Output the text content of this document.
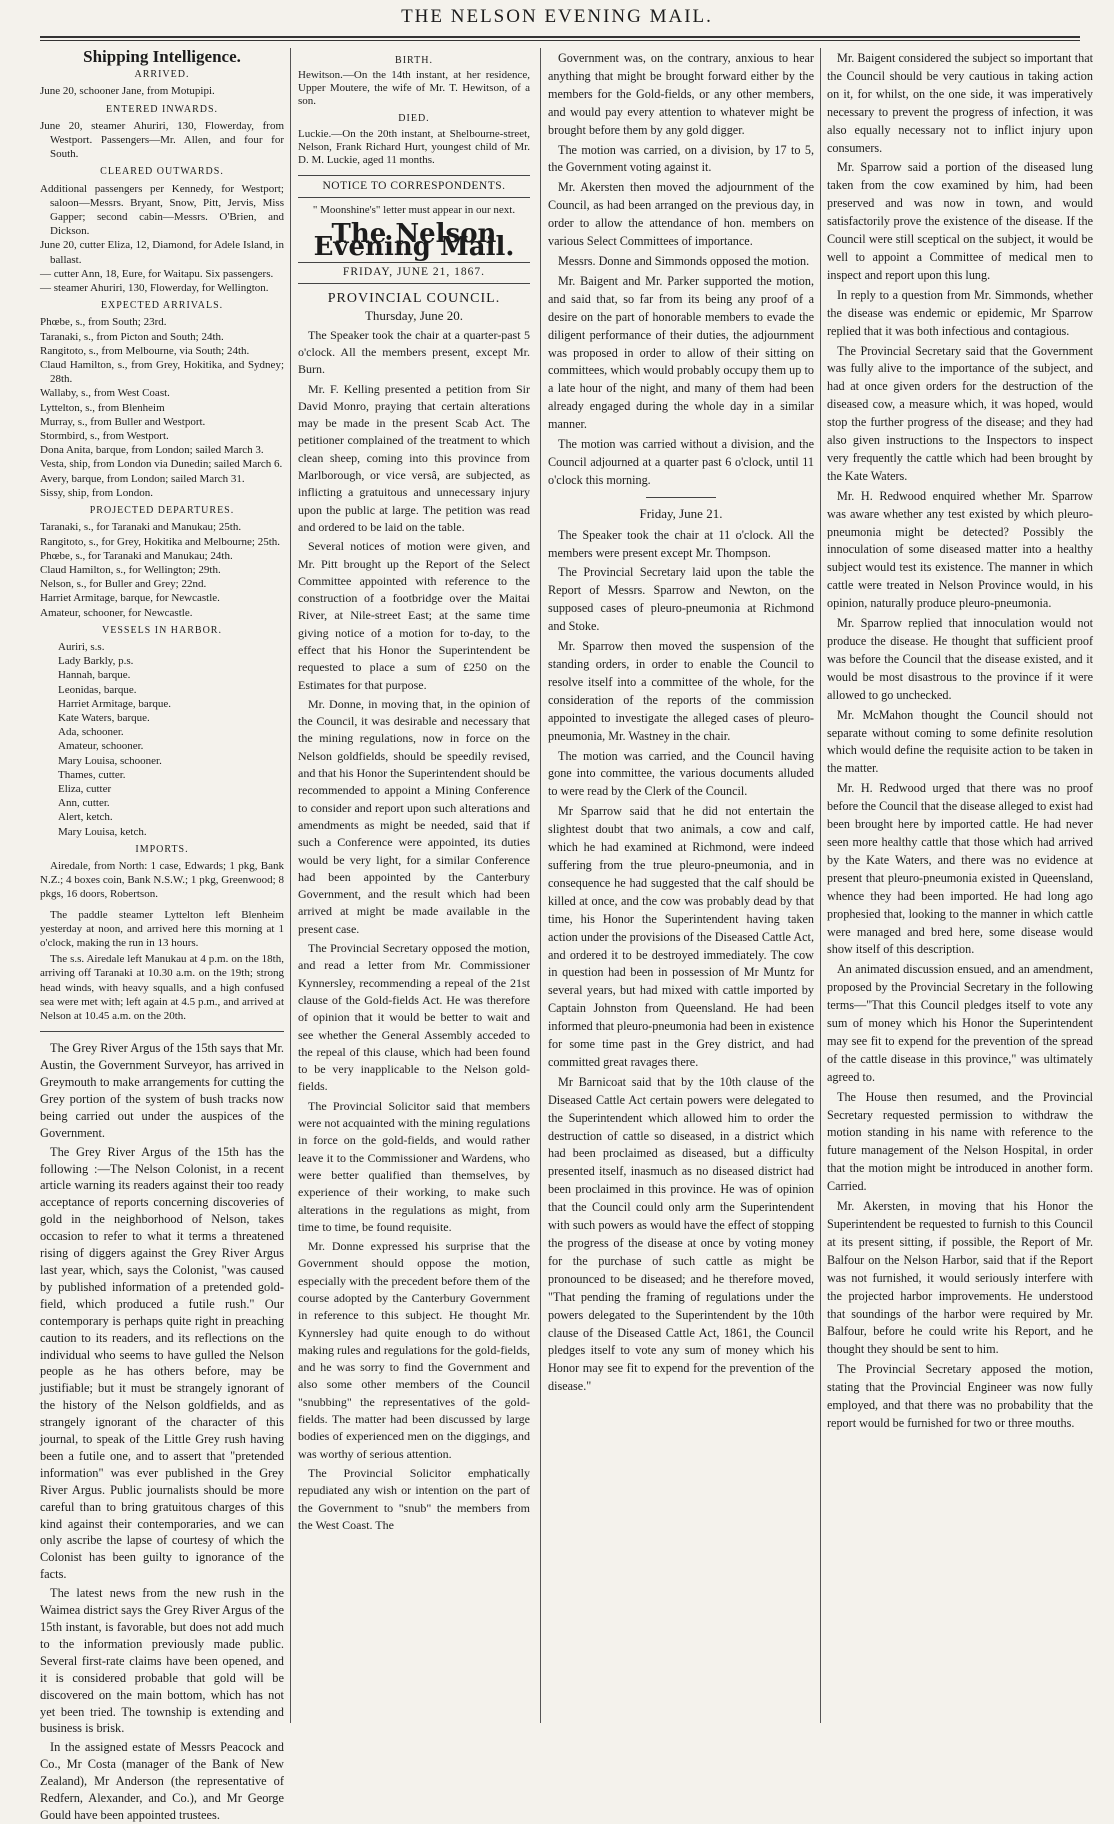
THE NELSON EVENING MAIL.
Shipping Intelligence.
ARRIVED.

June 20, schooner Jane, from Motupipi.

ENTERED INWARDS.

June 20, steamer Ahuriri, 130, Flowerday, from Westport. Passengers—Mr. Allen, and four for South.

CLEARED OUTWARDS.

Additional passengers per Kennedy, for Westport; saloon—Messrs. Bryant, Snow, Pitt, Jervis, Miss Gapper; second cabin—Messrs. O'Brien, and Dickson.

June 20, cutter Eliza, 12, Diamond, for Adele Island, in ballast.

— cutter Ann, 18, Eure, for Waitapu. Six passengers.

— steamer Ahuriri, 130, Flowerday, for Wellington.

EXPECTED ARRIVALS.

Phœbe, s., from South; 23rd.

Taranaki, s., from Picton and South; 24th.

Rangitoto, s., from Melbourne, via South; 24th.

Claud Hamilton, s., from Grey, Hokitika, and Sydney; 28th.

Wallaby, s., from West Coast.

Lyttelton, s., from Blenheim

Murray, s., from Buller and Westport.

Stormbird, s., from Westport.

Dona Anita, barque, from London; sailed March 3.

Vesta, ship, from London via Dunedin; sailed March 6.

Avery, barque, from London; sailed March 31.

Sissy, ship, from London.

PROJECTED DEPARTURES.

Taranaki, s., for Taranaki and Manukau; 25th.

Rangitoto, s., for Grey, Hokitika and Melbourne; 25th.

Phœbe, s., for Taranaki and Manukau; 24th.

Claud Hamilton, s., for Wellington; 29th.

Nelson, s., for Buller and Grey; 22nd.

Harriet Armitage, barque, for Newcastle.

Amateur, schooner, for Newcastle.

VESSELS IN HARBOR.

Auriri, s.s.

Lady Barkly, p.s.

Hannah, barque.

Leonidas, barque.

Harriet Armitage, barque.

Kate Waters, barque.

Ada, schooner.

Amateur, schooner.

Mary Louisa, schooner.

Thames, cutter.

Eliza, cutter

Ann, cutter.

Alert, ketch.

Mary Louisa, ketch.

IMPORTS.

Airedale, from North: 1 case, Edwards; 1 pkg, Bank N.Z.; 4 boxes coin, Bank N.S.W.; 1 pkg, Greenwood; 8 pkgs, 16 doors, Robertson.

The paddle steamer Lyttelton left Blenheim yesterday at noon, and arrived here this morning at 1 o'clock, making the run in 13 hours.

The s.s. Airedale left Manukau at 4 p.m. on the 18th, arriving off Taranaki at 10.30 a.m. on the 19th; strong head winds, with heavy squalls, and a high confused sea were met with; left again at 4.5 p.m., and arrived at Nelson at 10.45 a.m. on the 20th.

The Grey River Argus of the 15th says that Mr. Austin, the Government Surveyor, has arrived in Greymouth to make arrangements for cutting the Grey portion of the system of bush tracks now being carried out under the auspices of the Government.

The Grey River Argus of the 15th has the following :—The Nelson Colonist, in a recent article warning its readers against their too ready acceptance of reports concerning discoveries of gold in the neighborhood of Nelson, takes occasion to refer to what it terms a threatened rising of diggers against the Grey River Argus last year, which, says the Colonist, "was caused by published information of a pretended gold-field, which produced a futile rush." Our contemporary is perhaps quite right in preaching caution to its readers, and its reflections on the individual who seems to have gulled the Nelson people as he has others before, may be justifiable; but it must be strangely ignorant of the history of the Nelson goldfields, and as strangely ignorant of the character of this journal, to speak of the Little Grey rush having been a futile one, and to assert that "pretended information" was ever published in the Grey River Argus. Public journalists should be more careful than to bring gratuitous charges of this kind against their contemporaries, and we can only ascribe the lapse of courtesy of which the Colonist has been guilty to ignorance of the facts.

The latest news from the new rush in the Waimea district says the Grey River Argus of the 15th instant, is favorable, but does not add much to the information previously made public. Several first-rate claims have been opened, and it is considered probable that gold will be discovered on the main bottom, which has not yet been tried. The township is extending and business is brisk.

In the assigned estate of Messrs Peacock and Co., Mr Costa (manager of the Bank of New Zealand), Mr Anderson (the representative of Redfern, Alexander, and Co.), and Mr George Gould have been appointed trustees.

BIRTH.

Hewitson.—On the 14th instant, at her residence, Upper Moutere, the wife of Mr. T. Hewitson, of a son.

DIED.

Luckie.—On the 20th instant, at Shelbourne-street, Nelson, Frank Richard Hurt, youngest child of Mr. D. M. Luckie, aged 11 months.

NOTICE TO CORRESPONDENTS.
" Moonshine's" letter must appear in our next.
The Nelson Evening Mail.
FRIDAY, JUNE 21, 1867.
PROVINCIAL COUNCIL.
Thursday, June 20.

The Speaker took the chair at a quarter-past 5 o'clock. All the members present, except Mr. Burn.

Mr. F. Kelling presented a petition from Sir David Monro, praying that certain alterations may be made in the present Scab Act. The petitioner complained of the treatment to which clean sheep, coming into this province from Marlborough, or vice versâ, are subjected, as inflicting a gratuitous and unnecessary injury upon the public at large. The petition was read and ordered to be laid on the table.

Several notices of motion were given, and Mr. Pitt brought up the Report of the Select Committee appointed with reference to the construction of a footbridge over the Maitai River, at Nile-street East; at the same time giving notice of a motion for to-day, to the effect that his Honor the Superintendent be requested to place a sum of £250 on the Estimates for that purpose.

Mr. Donne, in moving that, in the opinion of the Council, it was desirable and necessary that the mining regulations, now in force on the Nelson goldfields, should be speedily revised, and that his Honor the Superintendent should be recommended to appoint a Mining Conference to consider and report upon such alterations and amendments as might be needed, said that if such a Conference were appointed, its duties would be very light, for a similar Conference had been appointed by the Canterbury Government, and the result which had been arrived at might be made available in the present case.

The Provincial Secretary opposed the motion, and read a letter from Mr. Commissioner Kynnersley, recommending a repeal of the 21st clause of the Gold-fields Act. He was therefore of opinion that it would be better to wait and see whether the General Assembly acceded to the repeal of this clause, which had been found to be very inapplicable to the Nelson gold-fields.

The Provincial Solicitor said that members were not acquainted with the mining regulations in force on the gold-fields, and would rather leave it to the Commissioner and Wardens, who were better qualified than themselves, by experience of their working, to make such alterations in the regulations as might, from time to time, be found requisite.

Mr. Donne expressed his surprise that the Government should oppose the motion, especially with the precedent before them of the course adopted by the Canterbury Government in reference to this subject. He thought Mr. Kynnersley had quite enough to do without making rules and regulations for the gold-fields, and he was sorry to find the Government and also some other members of the Council "snubbing" the representatives of the gold-fields. The matter had been discussed by large bodies of experienced men on the diggings, and was worthy of serious attention.

The Provincial Solicitor emphatically repudiated any wish or intention on the part of the Government to "snub" the members from the West Coast. The

Government was, on the contrary, anxious to hear anything that might be brought forward either by the members for the Gold-fields, or any other members, and would pay every attention to whatever might be brought before them by any gold digger.

The motion was carried, on a division, by 17 to 5, the Government voting against it.

Mr. Akersten then moved the adjournment of the Council, as had been arranged on the previous day, in order to allow the attendance of hon. members on various Select Committees of importance.

Messrs. Donne and Simmonds opposed the motion.

Mr. Baigent and Mr. Parker supported the motion, and said that, so far from its being any proof of a desire on the part of honorable members to evade the diligent performance of their duties, the adjournment was proposed in order to allow of their sitting on committees, which would probably occupy them up to a late hour of the night, and many of them had been already engaged during the whole day in a similar manner.

The motion was carried without a division, and the Council adjourned at a quarter past 6 o'clock, until 11 o'clock this morning.

Friday, June 21.

The Speaker took the chair at 11 o'clock. All the members were present except Mr. Thompson.

The Provincial Secretary laid upon the table the Report of Messrs. Sparrow and Newton, on the supposed cases of pleuro-pneumonia at Richmond and Stoke.

Mr. Sparrow then moved the suspension of the standing orders, in order to enable the Council to resolve itself into a committee of the whole, for the consideration of the reports of the commission appointed to investigate the alleged cases of pleuro-pneumonia, Mr. Wastney in the chair.

The motion was carried, and the Council having gone into committee, the various documents alluded to were read by the Clerk of the Council.

Mr Sparrow said that he did not entertain the slightest doubt that two animals, a cow and calf, which he had examined at Richmond, were indeed suffering from the true pleuro-pneumonia, and in consequence he had suggested that the calf should be killed at once, and the cow was probably dead by that time, his Honor the Superintendent having taken action under the provisions of the Diseased Cattle Act, and ordered it to be destroyed immediately. The cow in question had been in possession of Mr Muntz for several years, but had mixed with cattle imported by Captain Johnston from Queensland. He had been informed that pleuro-pneumonia had been in existence for some time past in the Grey district, and had committed great ravages there.

Mr Barnicoat said that by the 10th clause of the Diseased Cattle Act certain powers were delegated to the Superintendent which allowed him to order the destruction of cattle so diseased, in a district which had been proclaimed as diseased, but a difficulty presented itself, inasmuch as no diseased district had been proclaimed in this province. He was of opinion that the Council could only arm the Superintendent with such powers as would have the effect of stopping the progress of the disease at once by voting money for the purchase of such cattle as might be pronounced to be diseased; and he therefore moved, "That pending the framing of regulations under the powers delegated to the Superintendent by the 10th clause of the Diseased Cattle Act, 1861, the Council pledges itself to vote any sum of money which his Honor may see fit to expend for the prevention of the disease."

Mr. Baigent considered the subject so important that the Council should be very cautious in taking action on it, for whilst, on the one side, it was imperatively necessary to prevent the progress of infection, it was also equally necessary not to inflict injury upon consumers.

Mr. Sparrow said a portion of the diseased lung taken from the cow examined by him, had been preserved and was now in town, and would satisfactorily prove the existence of the disease. If the Council were still sceptical on the subject, it would be well to appoint a Committee of medical men to inspect and report upon this lung.

In reply to a question from Mr. Simmonds, whether the disease was endemic or epidemic, Mr Sparrow replied that it was both infectious and contagious.

The Provincial Secretary said that the Government was fully alive to the importance of the subject, and had at once given orders for the destruction of the diseased cow, a measure which, it was hoped, would stop the further progress of the disease; and they had also given instructions to the Inspectors to inspect very frequently the cattle which had been brought by the Kate Waters.

Mr. H. Redwood enquired whether Mr. Sparrow was aware whether any test existed by which pleuro-pneumonia might be detected? Possibly the innoculation of some diseased matter into a healthy subject would test its existence. The manner in which cattle were treated in Nelson Province would, in his opinion, naturally produce pleuro-pneumonia.

Mr. Sparrow replied that innoculation would not produce the disease. He thought that sufficient proof was before the Council that the disease existed, and it would be most disastrous to the province if it were allowed to go unchecked.

Mr. McMahon thought the Council should not separate without coming to some definite resolution which would define the requisite action to be taken in the matter.

Mr. H. Redwood urged that there was no proof before the Council that the disease alleged to exist had been brought here by imported cattle. He had never seen more healthy cattle that those which had arrived by the Kate Waters, and there was no evidence at present that pleuro-pneumonia existed in Queensland, whence they had been imported. He had long ago prophesied that, looking to the manner in which cattle were managed and bred here, some disease would show itself of this description.

An animated discussion ensued, and an amendment, proposed by the Provincial Secretary in the following terms—"That this Council pledges itself to vote any sum of money which his Honor the Superintendent may see fit to expend for the prevention of the spread of the cattle disease in this province," was ultimately agreed to.

The House then resumed, and the Provincial Secretary requested permission to withdraw the motion standing in his name with reference to the future management of the Nelson Hospital, in order that the motion might be introduced in another form. Carried.

Mr. Akersten, in moving that his Honor the Superintendent be requested to furnish to this Council at its present sitting, if possible, the Report of Mr. Balfour on the Nelson Harbor, said that if the Report was not furnished, it would seriously interfere with the projected harbor improvements. He understood that soundings of the harbor were required by Mr. Balfour, before he could write his Report, and he thought they should be sent to him.

The Provincial Secretary apposed the motion, stating that the Provincial Engineer was now fully employed, and that there was no probability that the report would be furnished for two or three mouths.
